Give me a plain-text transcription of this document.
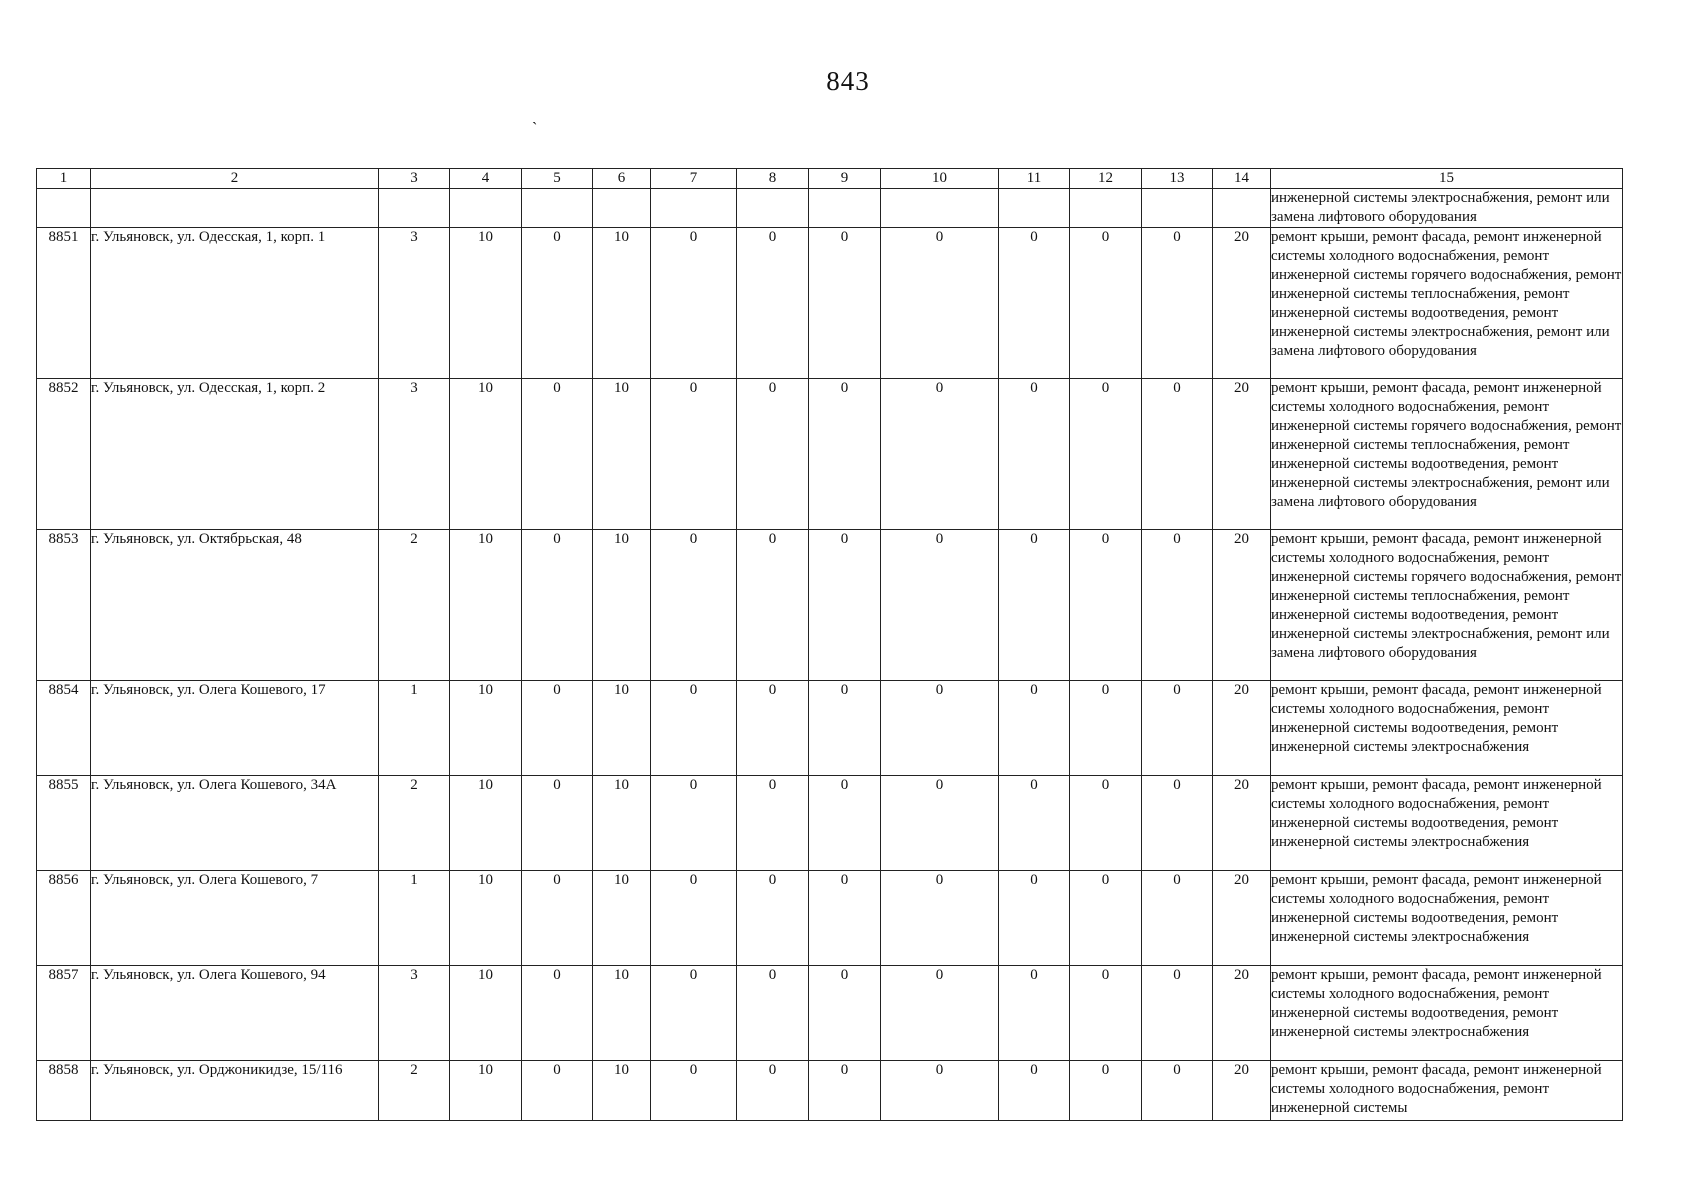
843
ˎ
1	2	3	4	5	6	7	8	9	10	11	12	13	14	15
														инженерной системы электроснабжения, ремонт или замена лифтового оборудования
8851	г. Ульяновск, ул. Одесская, 1, корп. 1	3	10	0	10	0	0	0	0	0	0	0	20	ремонт крыши, ремонт фасада, ремонт инженерной системы холодного водоснабжения, ремонт инженерной системы горячего водоснабжения, ремонт инженерной системы теплоснабжения, ремонт инженерной системы водоотведения, ремонт инженерной системы электроснабжения, ремонт или замена лифтового оборудования
8852	г. Ульяновск, ул. Одесская, 1, корп. 2	3	10	0	10	0	0	0	0	0	0	0	20	ремонт крыши, ремонт фасада, ремонт инженерной системы холодного водоснабжения, ремонт инженерной системы горячего водоснабжения, ремонт инженерной системы теплоснабжения, ремонт инженерной системы водоотведения, ремонт инженерной системы электроснабжения, ремонт или замена лифтового оборудования
8853	г. Ульяновск, ул. Октябрьская, 48	2	10	0	10	0	0	0	0	0	0	0	20	ремонт крыши, ремонт фасада, ремонт инженерной системы холодного водоснабжения, ремонт инженерной системы горячего водоснабжения, ремонт инженерной системы теплоснабжения, ремонт инженерной системы водоотведения, ремонт инженерной системы электроснабжения, ремонт или замена лифтового оборудования
8854	г. Ульяновск, ул. Олега Кошевого, 17	1	10	0	10	0	0	0	0	0	0	0	20	ремонт крыши, ремонт фасада, ремонт инженерной системы холодного водоснабжения, ремонт инженерной системы водоотведения, ремонт инженерной системы электроснабжения
8855	г. Ульяновск, ул. Олега Кошевого, 34А	2	10	0	10	0	0	0	0	0	0	0	20	ремонт крыши, ремонт фасада, ремонт инженерной системы холодного водоснабжения, ремонт инженерной системы водоотведения, ремонт инженерной системы электроснабжения
8856	г. Ульяновск, ул. Олега Кошевого, 7	1	10	0	10	0	0	0	0	0	0	0	20	ремонт крыши, ремонт фасада, ремонт инженерной системы холодного водоснабжения, ремонт инженерной системы водоотведения, ремонт инженерной системы электроснабжения
8857	г. Ульяновск, ул. Олега Кошевого, 94	3	10	0	10	0	0	0	0	0	0	0	20	ремонт крыши, ремонт фасада, ремонт инженерной системы холодного водоснабжения, ремонт инженерной системы водоотведения, ремонт инженерной системы электроснабжения
8858	г. Ульяновск, ул. Орджоникидзе, 15/116	2	10	0	10	0	0	0	0	0	0	0	20	ремонт крыши, ремонт фасада, ремонт инженерной системы холодного водоснабжения, ремонт инженерной системы
